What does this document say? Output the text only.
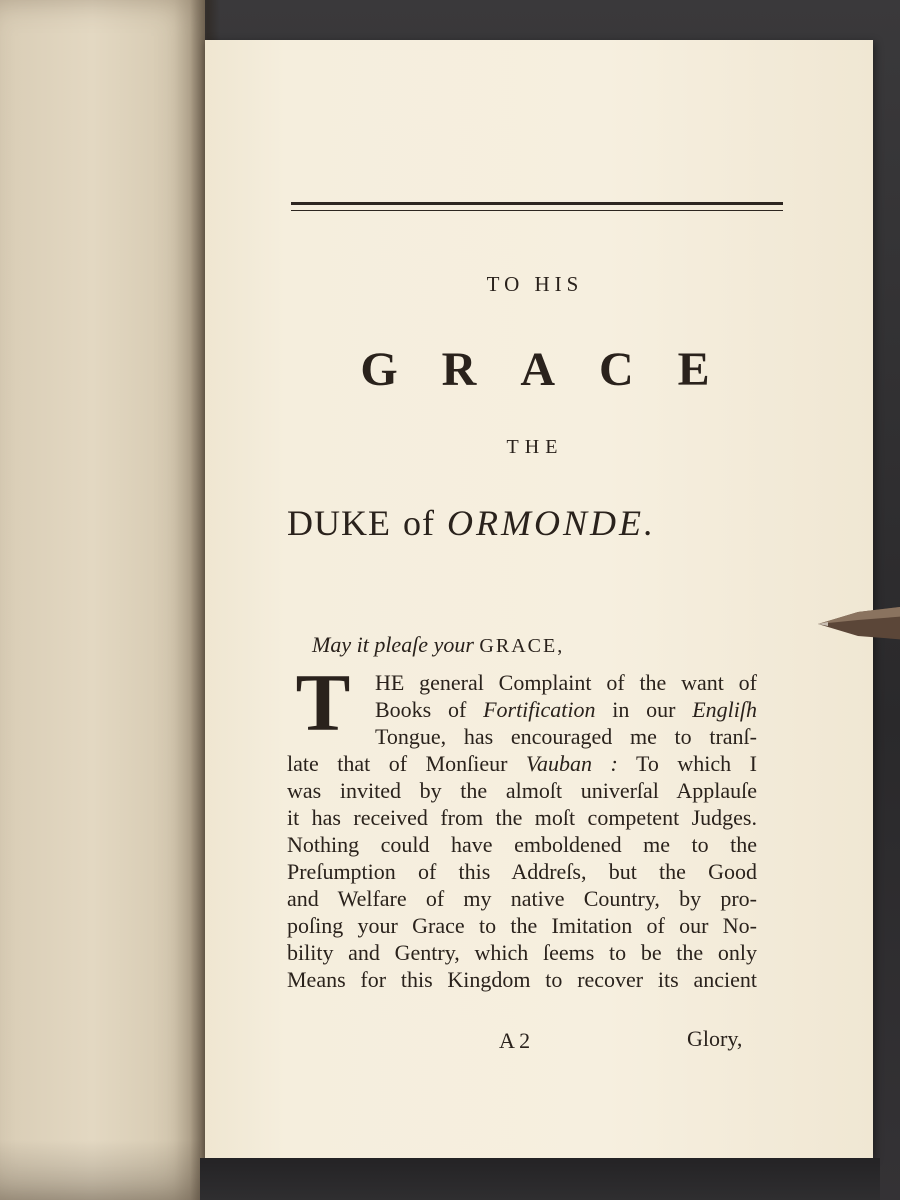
TO HIS
GRACE
THE
DUKE of ORMONDE.
May it pleaſe your GRACE,
T	HE general Complaint of the want of
Books of Fortification in our Engliſh
Tongue, has encouraged me to tranſ-
late that of Monſieur Vauban : To which I
was invited by the almoſt univerſal Applauſe
it has received from the moſt competent Judges.
Nothing could have emboldened me to the
Preſumption of this Addreſs, but the Good
and Welfare of my native Country, by pro-
poſing your Grace to the Imitation of our No-
bility and Gentry, which ſeems to be the only
Means for this Kingdom to recover its ancient
A 2	Glory,
